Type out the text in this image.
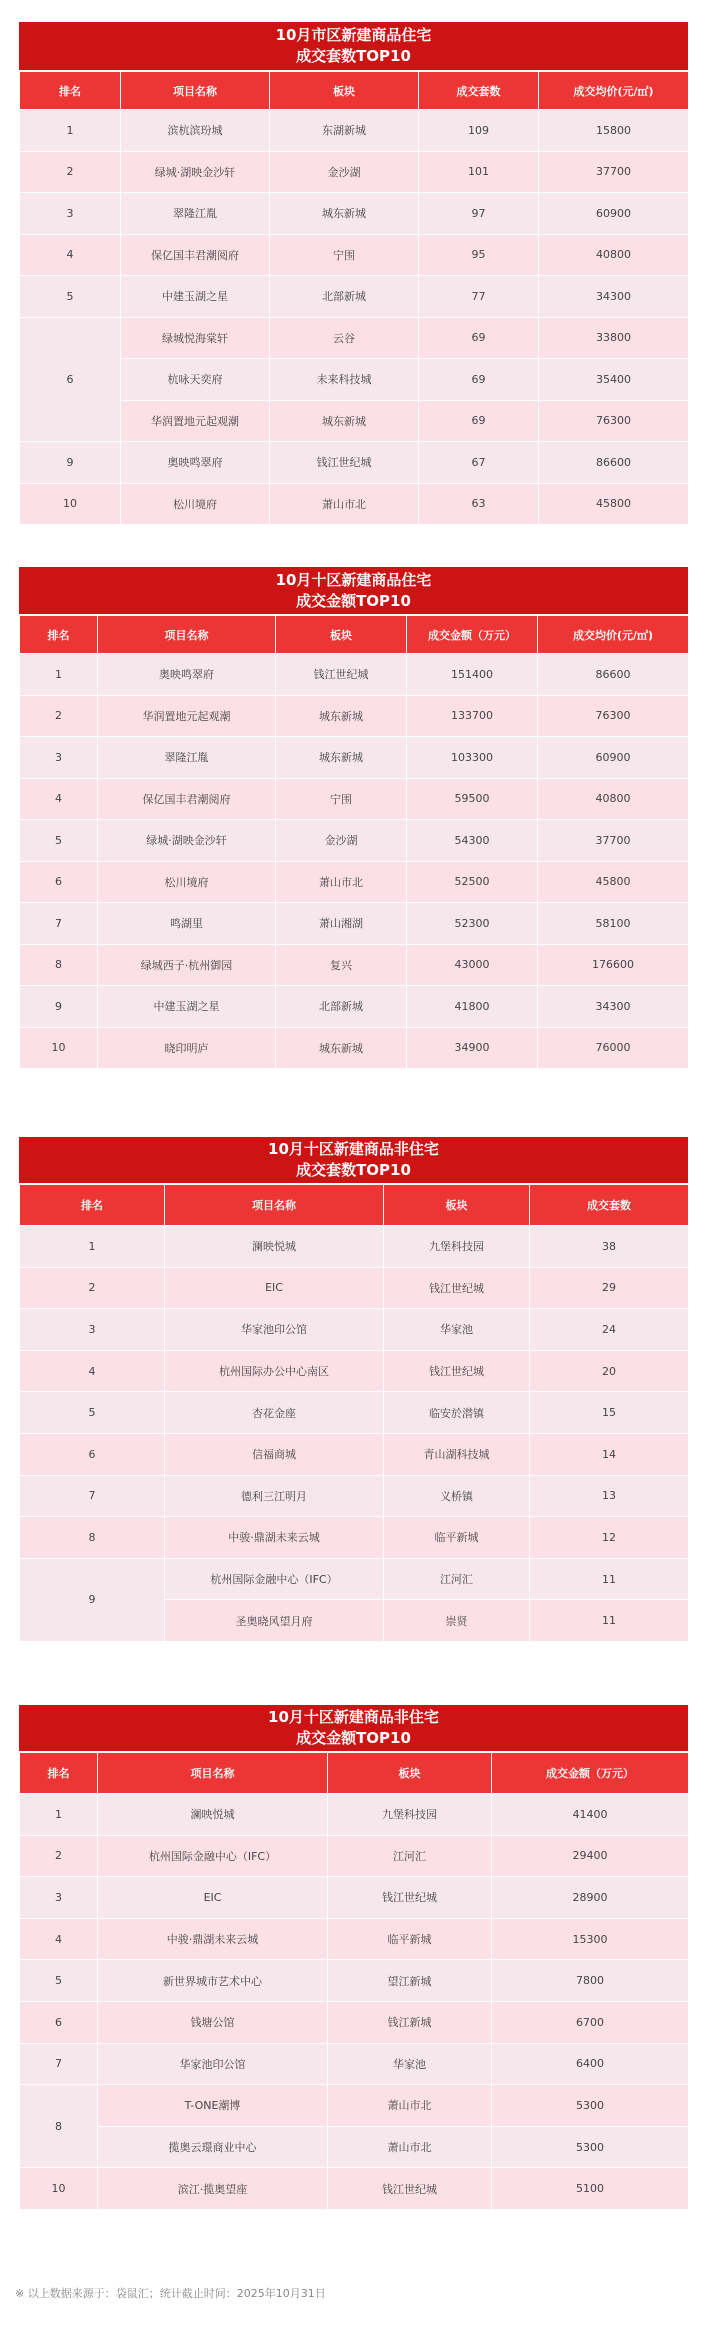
10月市区新建商品住宅
成交套数TOP10
排名	项目名称	板块	成交套数	成交均价(元/㎡)
1	滨杭滨玢城	东湖新城	109	15800
2	绿城·湖映金沙轩	金沙湖	101	37700
3	翠隆江胤	城东新城	97	60900
4	保亿国丰君潮阅府	宁围	95	40800
5	中建玉湖之星	北部新城	77	34300
6	绿城悦海棠轩	云谷	69	33800
	杭咏天奕府	未来科技城	69	35400
	华润置地元起观潮	城东新城	69	76300
9	奥映鸣翠府	钱江世纪城	67	86600
10	松川境府	萧山市北	63	45800
10月十区新建商品住宅
成交金额TOP10
排名	项目名称	板块	成交金额（万元）	成交均价(元/㎡)
1	奥映鸣翠府	钱江世纪城	151400	86600
2	华润置地元起观潮	城东新城	133700	76300
3	翠隆江胤	城东新城	103300	60900
4	保亿国丰君潮阅府	宁围	59500	40800
5	绿城·湖映金沙轩	金沙湖	54300	37700
6	松川境府	萧山市北	52500	45800
7	鸣湖里	萧山湘湖	52300	58100
8	绿城西子·杭州御园	复兴	43000	176600
9	中建玉湖之星	北部新城	41800	34300
10	晓印明庐	城东新城	34900	76000
10月十区新建商品非住宅
成交套数TOP10
排名	项目名称	板块	成交套数
1	澜映悦城	九堡科技园	38
2	EIC	钱江世纪城	29
3	华家池印公馆	华家池	24
4	杭州国际办公中心南区	钱江世纪城	20
5	杏花金座	临安於潜镇	15
6	信福商城	青山湖科技城	14
7	德利三江明月	义桥镇	13
8	中骏·鼎湖未来云城	临平新城	12
9	杭州国际金融中心（IFC）	江河汇	11
	圣奥晓风望月府	崇贤	11
10月十区新建商品非住宅
成交金额TOP10
排名	项目名称	板块	成交金额（万元）
1	澜映悦城	九堡科技园	41400
2	杭州国际金融中心（IFC）	江河汇	29400
3	EIC	钱江世纪城	28900
4	中骏·鼎湖未来云城	临平新城	15300
5	新世界城市艺术中心	望江新城	7800
6	钱塘公馆	钱江新城	6700
7	华家池印公馆	华家池	6400
8	T-ONE潮博	萧山市北	5300
	揽奥云璟商业中心	萧山市北	5300
10	滨江·揽奥望座	钱江世纪城	5100
※ 以上数据来源于：袋鼠汇；统计截止时间：2025年10月31日
